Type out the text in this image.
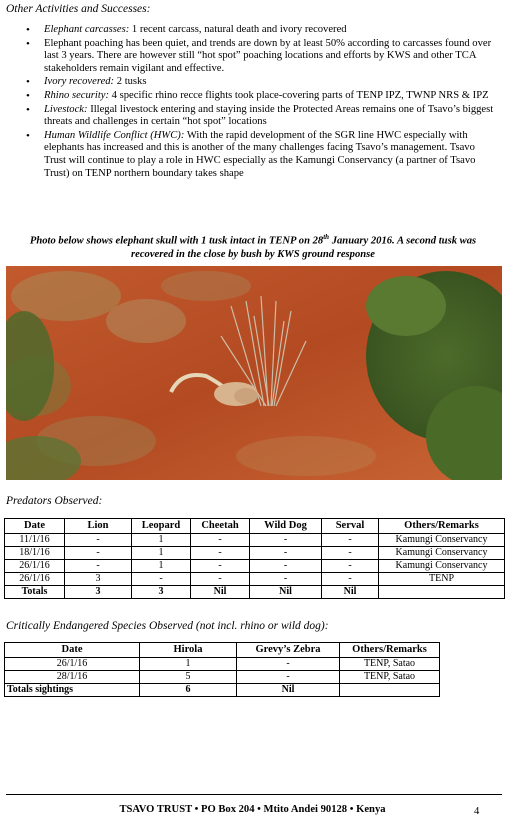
Other Activities and Successes:
• Elephant carcasses: 1 recent carcass, natural death and ivory recovered
• Elephant poaching has been quiet, and trends are down by at least 50% according to carcasses found over last 3 years. There are however still “hot spot” poaching locations and efforts by KWS and other TCA stakeholders remain vigilant and effective.
• Ivory recovered: 2 tusks
• Rhino security: 4 specific rhino recce flights took place-covering parts of TENP IPZ, TWNP NRS & IPZ
• Livestock: Illegal livestock entering and staying inside the Protected Areas remains one of Tsavo’s biggest threats and challenges in certain “hot spot” locations
• Human Wildlife Conflict (HWC): With the rapid development of the SGR line HWC especially with elephants has increased and this is another of the many challenges facing Tsavo’s management. Tsavo Trust will continue to play a role in HWC especially as the Kamungi Conservancy (a partner of Tsavo Trust) on TENP northern boundary takes shape
Photo below shows elephant skull with 1 tusk intact in TENP on 28th January 2016. A second tusk was recovered in the close by bush by KWS ground response
Predators Observed:
Date	Lion	Leopard	Cheetah	Wild Dog	Serval	Others/Remarks
11/1/16	-	1	-	-	-	Kamungi Conservancy
18/1/16	-	1	-	-	-	Kamungi Conservancy
26/1/16	-	1	-	-	-	Kamungi Conservancy
26/1/16	3	-	-	-	-	TENP
Totals	3	3	Nil	Nil	Nil	
Critically Endangered Species Observed (not incl. rhino or wild dog):
Date	Hirola	Grevy’s Zebra	Others/Remarks
26/1/16	1	-	TENP, Satao
28/1/16	5	-	TENP, Satao
Totals sightings	6	Nil	
TSAVO TRUST • PO Box 204 • Mtito Andei 90128 • Kenya	4
